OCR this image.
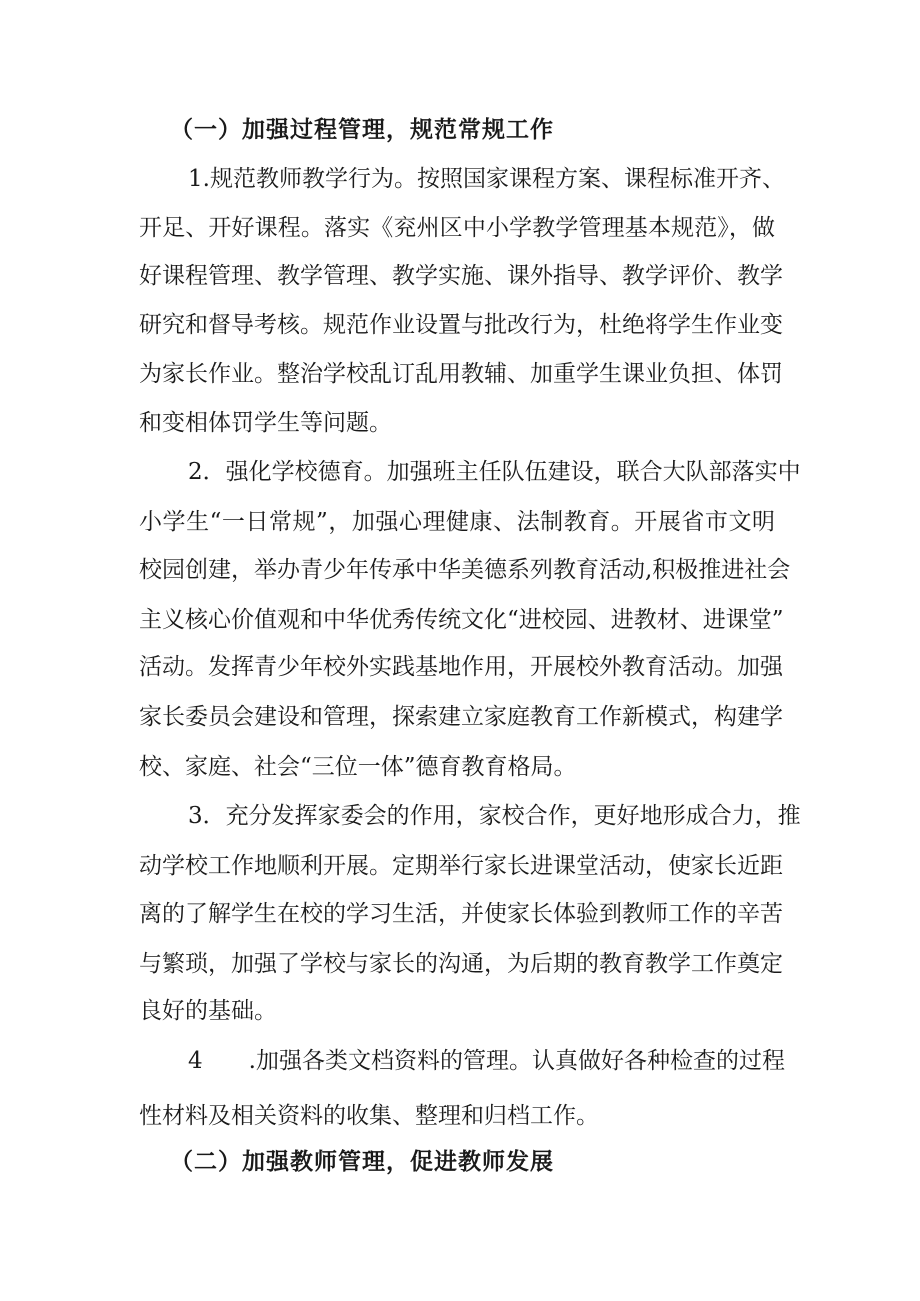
（一）加强过程管理，规范常规工作
1.规范教师教学行为。按照国家课程方案、课程标准开齐、
开足、开好课程。落实《兖州区中小学教学管理基本规范》，做
好课程管理、教学管理、教学实施、课外指导、教学评价、教学
研究和督导考核。规范作业设置与批改行为，杜绝将学生作业变
为家长作业。整治学校乱订乱用教辅、加重学生课业负担、体罚
和变相体罚学生等问题。
2．强化学校德育。加强班主任队伍建设，联合大队部落实中
小学生“一日常规”，加强心理健康、法制教育。开展省市文明
校园创建，举办青少年传承中华美德系列教育活动,积极推进社会
主义核心价值观和中华优秀传统文化“进校园、进教材、进课堂”
活动。发挥青少年校外实践基地作用，开展校外教育活动。加强
家长委员会建设和管理，探索建立家庭教育工作新模式，构建学
校、家庭、社会“三位一体”德育教育格局。
3．充分发挥家委会的作用，家校合作，更好地形成合力，推
动学校工作地顺利开展。定期举行家长进课堂活动，使家长近距
离的了解学生在校的学习生活，并使家长体验到教师工作的辛苦
与繁琐，加强了学校与家长的沟通，为后期的教育教学工作奠定
良好的基础。
4　　.加强各类文档资料的管理。认真做好各种检查的过程
性材料及相关资料的收集、整理和归档工作。
（二）加强教师管理，促进教师发展
